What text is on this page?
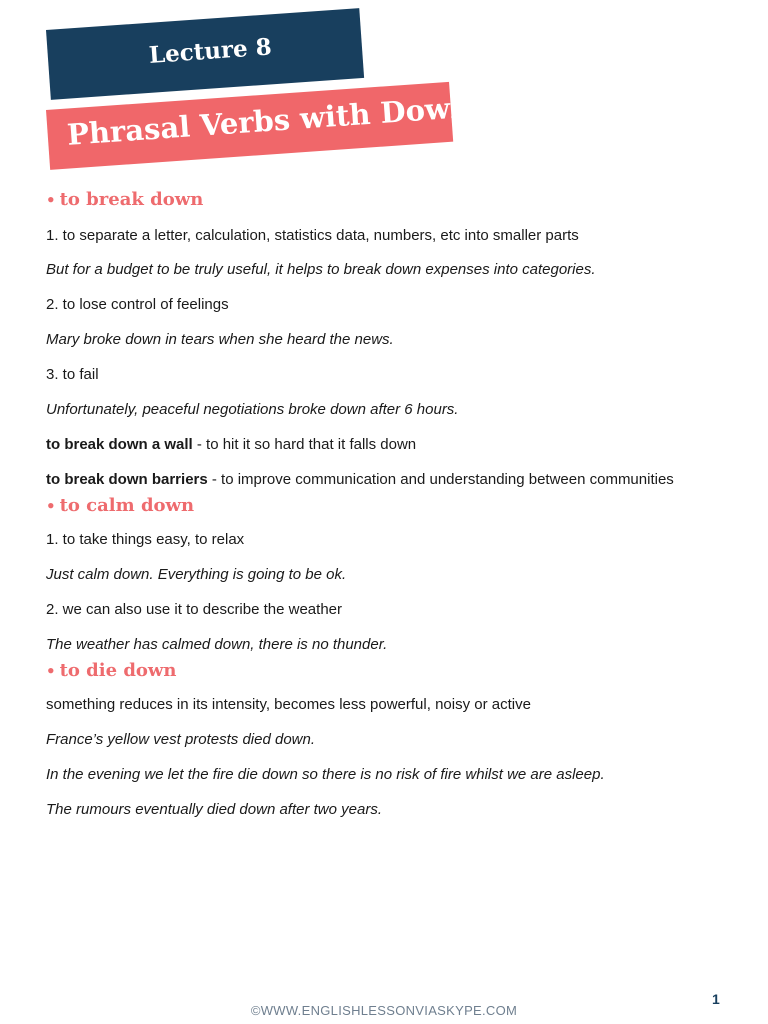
Lecture 8
Phrasal Verbs with Down
• to break down
1. to separate a letter, calculation, statistics data, numbers, etc into smaller parts
But for a budget to be truly useful, it helps to break down expenses into categories.
2. to lose control of feelings
Mary broke down in tears when she heard the news.
3. to fail
Unfortunately, peaceful negotiations broke down after 6 hours.
to break down a wall - to hit it so hard that it falls down
to break down barriers - to improve communication and understanding between communities
• to calm down
1. to take things easy, to relax
Just calm down. Everything is going to be ok.
2. we can also use it to describe the weather
The weather has calmed down, there is no thunder.
• to die down
something reduces in its intensity, becomes less powerful, noisy or active
France’s yellow vest protests died down.
In the evening we let the fire die down so there is no risk of fire whilst we are asleep.
The rumours eventually died down after two years.
©WWW.ENGLISHLESSONVIASKYPE.COM
1
